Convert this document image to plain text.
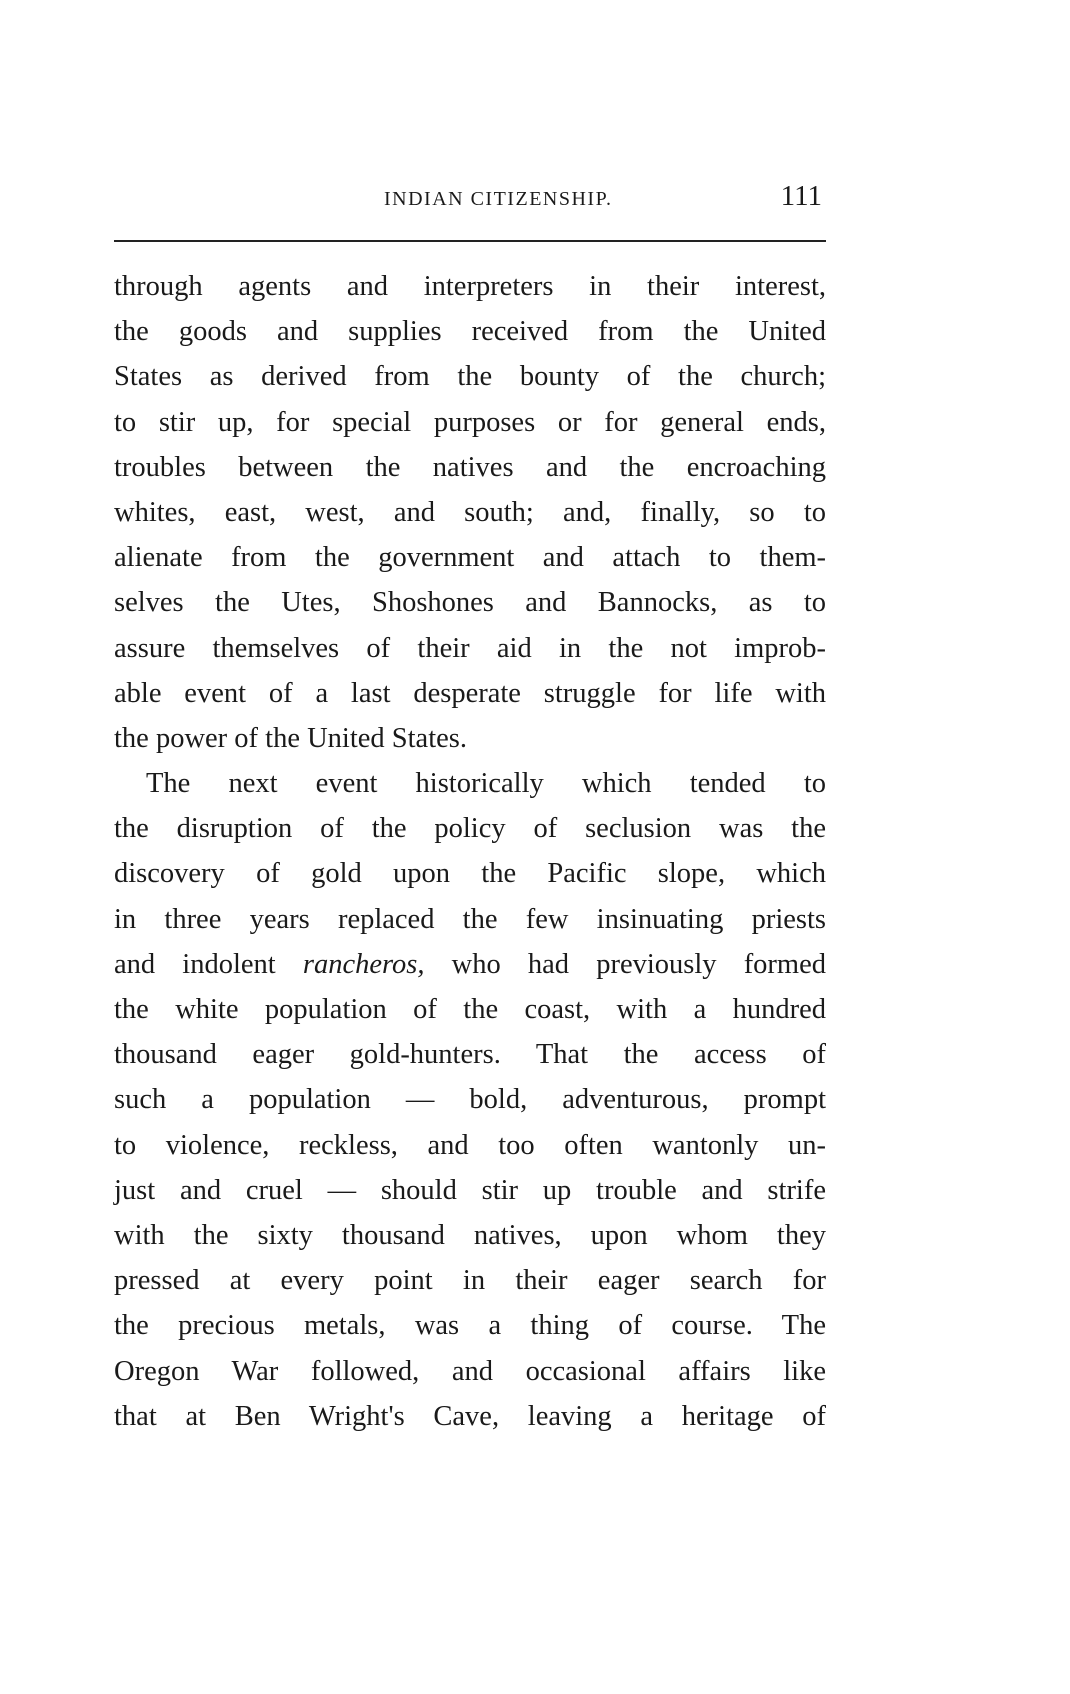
INDIAN CITIZENSHIP.	111
through agents and interpreters in their interest,
the goods and supplies received from the United
States as derived from the bounty of the church;
to stir up, for special purposes or for general ends,
troubles between the natives and the encroaching
whites, east, west, and south; and, finally, so to
alienate from the government and attach to them-
selves the Utes, Shoshones and Bannocks, as to
assure themselves of their aid in the not improb-
able event of a last desperate struggle for life with
the power of the United States.
The next event historically which tended to
the disruption of the policy of seclusion was the
discovery of gold upon the Pacific slope, which
in three years replaced the few insinuating priests
and indolent rancheros, who had previously formed
the white population of the coast, with a hundred
thousand eager gold-hunters. That the access of
such a population — bold, adventurous, prompt
to violence, reckless, and too often wantonly un-
just and cruel — should stir up trouble and strife
with the sixty thousand natives, upon whom they
pressed at every point in their eager search for
the precious metals, was a thing of course. The
Oregon War followed, and occasional affairs like
that at Ben Wright's Cave, leaving a heritage of
